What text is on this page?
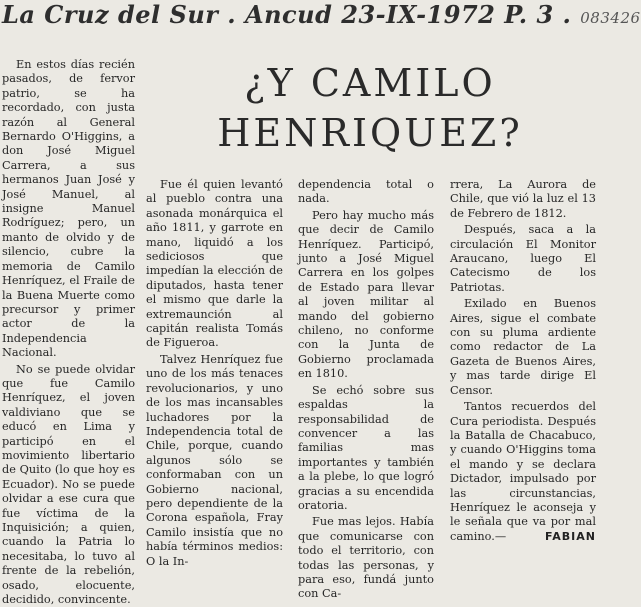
La Cruz del Sur . Ancud 23-IX-1972 P. 3 . 083426
¿Y CAMILO
HENRIQUEZ?

En estos días recién pasados, de fervor patrio, se ha recordado, con justa razón al General Bernardo O'Higgins, a don José Miguel Carrera, a sus hermanos Juan José y José Manuel, al insigne Manuel Rodríguez; pero, un manto de olvido y de silencio, cubre la memoria de Camilo Henríquez, el Fraile de la Buena Muerte como precursor y primer actor de la Independencia Nacional.

No se puede olvidar que fue Camilo Henríquez, el joven valdiviano que se educó en Lima y participó en el movimiento libertario de Quito (lo que hoy es Ecuador). No se puede olvidar a ese cura que fue víctima de la Inquisición; a quien, cuando la Patria lo necesitaba, lo tuvo al frente de la rebelión, osado, elocuente, decidido, convincente.

Fue él quien levantó al pueblo contra una asonada monárquica el año 1811, y garrote en mano, liquidó a los sediciosos que impedían la elección de diputados, hasta tener el mismo que darle la extremaunción al capitán realista Tomás de Figueroa.

Talvez Henríquez fue uno de los más tenaces revolucionarios, y uno de los mas incansables luchadores por la Independencia total de Chile, porque, cuando algunos sólo se conformaban con un Gobierno nacional, pero dependiente de la Corona española, Fray Camilo insistía que no había términos medios: O la In-

dependencia total o nada.

Pero hay mucho más que decir de Camilo Henríquez. Participó, junto a José Miguel Carrera en los golpes de Estado para llevar al joven militar al mando del gobierno chileno, no conforme con la Junta de Gobierno proclamada en 1810.

Se echó sobre sus espaldas la responsabilidad de convencer a las familias mas importantes y también a la plebe, lo que logró gracias a su encendida oratoria.

Fue mas lejos. Había que comunicarse con todo el territorio, con todas las personas, y para eso, fundá junto con Ca-

rrera, La Aurora de Chile, que vió la luz el 13 de Febrero de 1812.

Después, saca a la circulación El Monitor Araucano, luego El Catecismo de los Patriotas.

Exilado en Buenos Aires, sigue el combate con su pluma ardiente como redactor de La Gazeta de Buenos Aires, y mas tarde dirige El Censor.

Tantos recuerdos del Cura periodista. Después la Batalla de Chacabuco, y cuando O'Higgins toma el mando y se declara Dictador, impulsado por las circunstancias, Henríquez le aconseja y le señala que va por mal camino.—	FABIAN
